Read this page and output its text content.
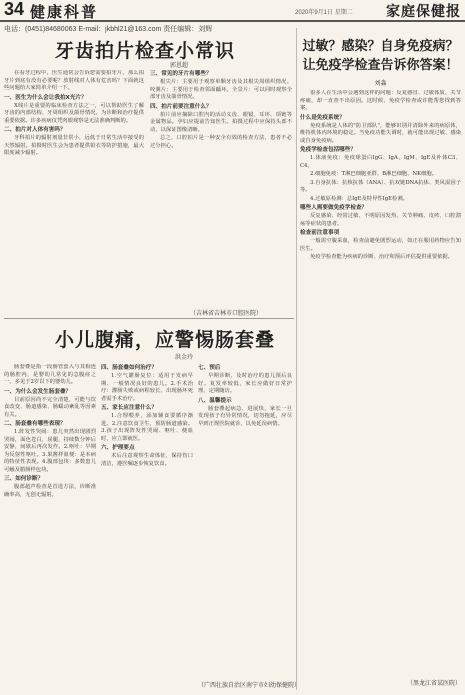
34 健康科普	2020年9月1日 星期二 家庭保健报
电话：(0451)84680063 E-mail：jkbhl21@163.com 责任编辑：刘辉
牙齿拍片检查小常识
郭恩超

在看牙过程中，医生通常会告诉您需要拍牙片，那么拍牙片到底有没有必要呢？放射线对人体有危害吗？下面就这些问题给大家简单介绍一下。

一、医生为什么会让我拍X光片？

X线片是重要的临床检查方法之一，可以帮助医生了解牙齿的内部结构、牙周组织及颌骨情况，为诊断和治疗提供重要依据。许多疾病仅凭肉眼观察是无法准确判断的。

二、拍片对人体有害吗？

牙科拍片的辐射剂量非常小，远低于日常生活中接受的天然辐射。拍摄时医生会为患者提供铅衣等防护措施，最大限度减少辐射。

三、常见的牙片有哪些？

根尖片：主要用于观察单颗牙齿及其根尖周组织情况。咬翼片：主要用于检查邻面龋坏。全景片：可以同时观察全部牙齿及颌骨情况。

四、拍片前要注意什么？

拍片前应摘除口腔内的活动义齿、眼镜、耳环、项链等金属物品。孕妇应提前告知医生。拍摄过程中应保持头部不动，以保证图像清晰。

总之，口腔拍片是一种安全有效的检查方法，患者不必过分担心。

（吉林省吉林市口腔医院）
小儿腹痛，应警惕肠套叠
洪金玲

肠套叠是指一段肠管套入与其相连的肠腔内，是婴幼儿常见的急腹症之一，多见于2岁以下的婴幼儿。

一、为什么会发生肠套叠？

目前原因尚不完全清楚，可能与饮食改变、肠道感染、肠蠕动紊乱等因素有关。

二、肠套叠有哪些表现？

1.阵发性哭闹：患儿突然出现剧烈哭闹，面色苍白，屈腿，持续数分钟后安静，间歇后再次发作。2.呕吐：早期为反射性呕吐。3.果酱样血便：是本病的特征性表现。4.腹部包块：多数患儿可触及腊肠样包块。

三、如何诊断？

腹部超声检查是首选方法，诊断准确率高，无创无辐射。

四、肠套叠如何治疗？

1.空气灌肠复位：适用于发病早期、一般情况良好的患儿。2.手术治疗：灌肠失败或病程较长、出现肠坏死者需手术治疗。

五、家长应注意什么？

1.合理喂养，添加辅食要循序渐进。2.注意饮食卫生，预防肠道感染。3.孩子出现阵发性哭闹、呕吐、便血时，应立即就医。

六、护理要点

术后注意观察生命体征，保持伤口清洁，遵医嘱逐步恢复饮食。

七、预后

早期诊断、及时治疗的患儿预后良好。复发率较低，家长应做好日常护理，定期随访。

八、温馨提示

肠套叠起病急、进展快，家长一旦发现孩子有异常情况，切勿拖延，应尽早到正规医院就诊，以免延误病情。

（广西壮族自治区南宁市妇幼保健院）
过敏？感染？自身免疫病？
让免疫学检查告诉你答案！
刘淼

很多人在生活中会遇到这样的问题：反复感冒、过敏体质、关节疼痛，却一直查不出原因。这时候，免疫学检查或许能帮您找到答案。

什么是免疫系统？

免疫系统是人体的"防卫部队"，能够识别并清除外来的病原体，维持机体内环境的稳定。当免疫功能失调时，就可能出现过敏、感染或自身免疫病。

免疫学检查包括哪些？

1.体液免疫：免疫球蛋白IgG、IgA、IgM、IgE及补体C3、C4。

2.细胞免疫：T淋巴细胞亚群、B淋巴细胞、NK细胞。

3.自身抗体：抗核抗体（ANA）、抗双链DNA抗体、类风湿因子等。

4.过敏原检测：总IgE及特异性IgE检测。

哪些人需要做免疫学检查？

反复感染、经常过敏、不明原因发热、关节肿痛、皮疹、口腔溃疡等症状的患者。

检查前注意事项

一般需空腹采血，检查前避免剧烈运动，如正在服用药物应告知医生。

免疫学检查能为疾病的诊断、治疗和预后评估提供重要依据。

（黑龙江省某医院）
